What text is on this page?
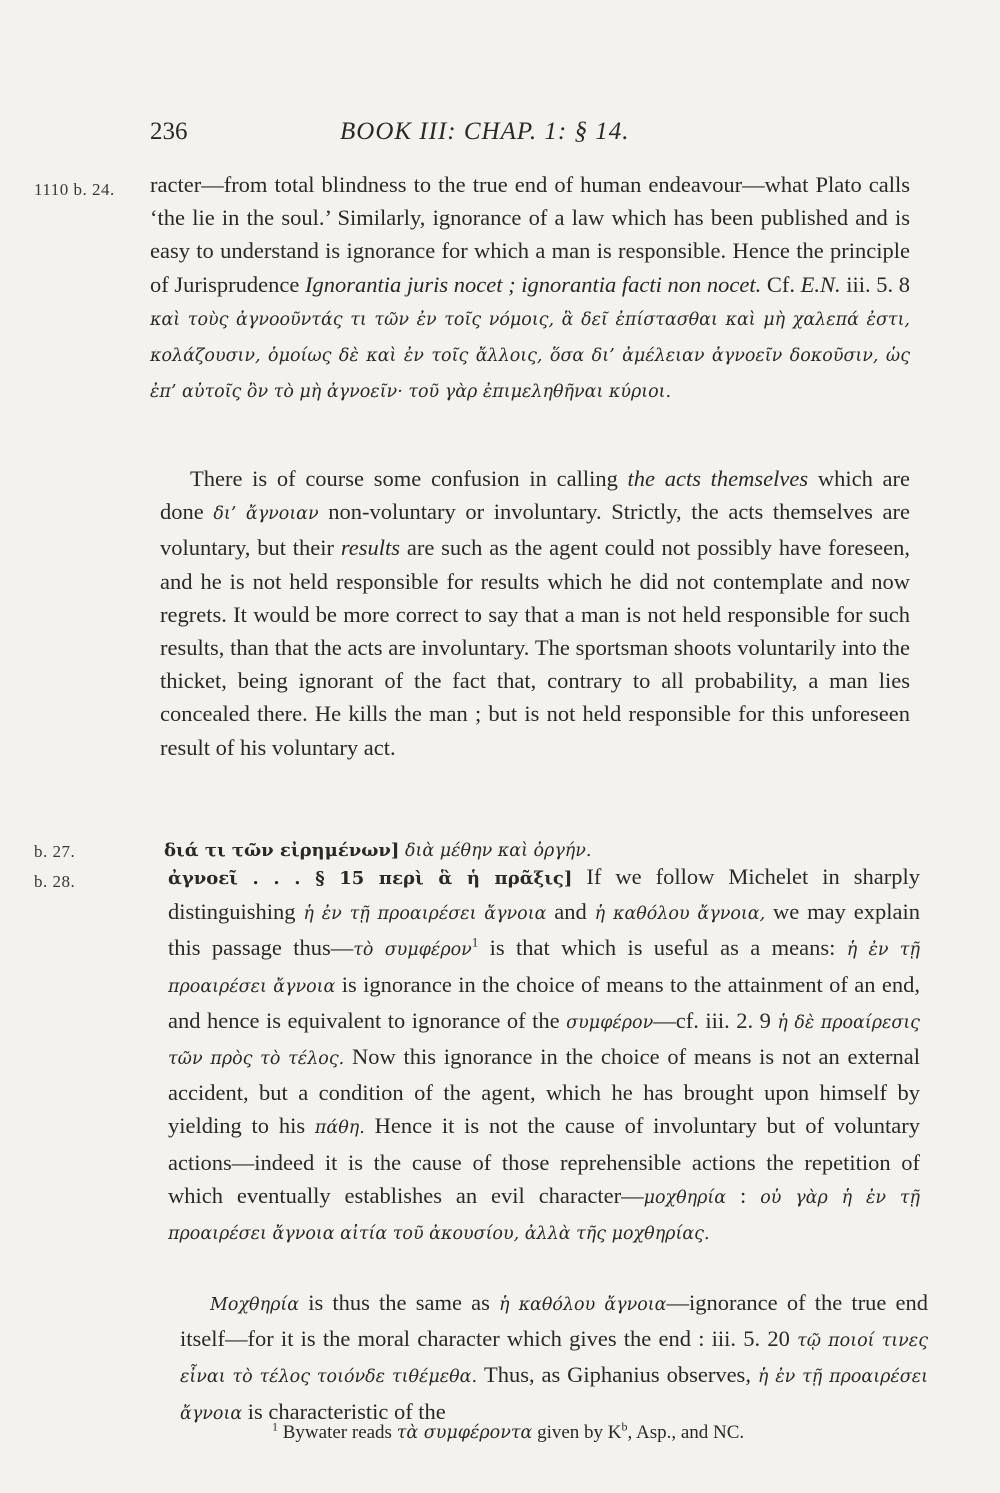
236	BOOK III: CHAP. 1: § 14.
1110 b. 24.
b. 27.
b. 28.
racter—from total blindness to the true end of human endeavour—what Plato calls ‘the lie in the soul.’ Similarly, ignorance of a law which has been published and is easy to understand is ignorance for which a man is responsible. Hence the principle of Jurisprudence Ignorantia juris nocet ; ignorantia facti non nocet. Cf. E.N. iii. 5. 8 καὶ τοὺς ἀγνοοῦντάς τι τῶν ἐν τοῖς νόμοις, ἃ δεῖ ἐπίστασθαι καὶ μὴ χαλεπά ἐστι, κολάζουσιν, ὁμοίως δὲ καὶ ἐν τοῖς ἄλλοις, ὅσα δι’ ἀμέλειαν ἀγνοεῖν δοκοῦσιν, ὡς ἐπ’ αὐτοῖς ὂν τὸ μὴ ἀγνοεῖν· τοῦ γὰρ ἐπιμεληθῆναι κύριοι.
There is of course some confusion in calling the acts themselves which are done δι’ ἄγνοιαν non-voluntary or involuntary. Strictly, the acts themselves are voluntary, but their results are such as the agent could not possibly have foreseen, and he is not held responsible for results which he did not contemplate and now regrets. It would be more correct to say that a man is not held responsible for such results, than that the acts are involuntary. The sportsman shoots voluntarily into the thicket, being ignorant of the fact that, contrary to all probability, a man lies concealed there. He kills the man ; but is not held responsible for this unforeseen result of his voluntary act.
διά τι τῶν εἰρημένων] διὰ μέθην καὶ ὀργήν.
ἀγνοεῖ . . . § 15 περὶ ἃ ἡ πρᾶξις] If we follow Michelet in sharply distinguishing ἡ ἐν τῇ προαιρέσει ἄγνοια and ἡ καθόλου ἄγνοια, we may explain this passage thus—τὸ συμφέρον$^1$ is that which is useful as a means: ἡ ἐν τῇ προαιρέσει ἄγνοια is ignorance in the choice of means to the attainment of an end, and hence is equivalent to ignorance of the συμφέρον—cf. iii. 2. 9 ἡ δὲ προαίρεσις τῶν πρὸς τὸ τέλος. Now this ignorance in the choice of means is not an external accident, but a condition of the agent, which he has brought upon himself by yielding to his πάθη. Hence it is not the cause of involuntary but of voluntary actions—indeed it is the cause of those reprehensible actions the repetition of which eventually establishes an evil character—μοχθηρία : οὐ γὰρ ἡ ἐν τῇ προαιρέσει ἄγνοια αἰτία τοῦ ἀκουσίου, ἀλλὰ τῆς μοχθηρίας.
Μοχθηρία is thus the same as ἡ καθόλου ἄγνοια—ignorance of the true end itself—for it is the moral character which gives the end : iii. 5. 20 τῷ ποιοί τινες εἶναι τὸ τέλος τοιόνδε τιθέμεθα. Thus, as Giphanius observes, ἡ ἐν τῇ προαιρέσει ἄγνοια is characteristic of the
$^1$ Bywater reads τὰ συμφέροντα given by $K^b$, Asp., and NC.
